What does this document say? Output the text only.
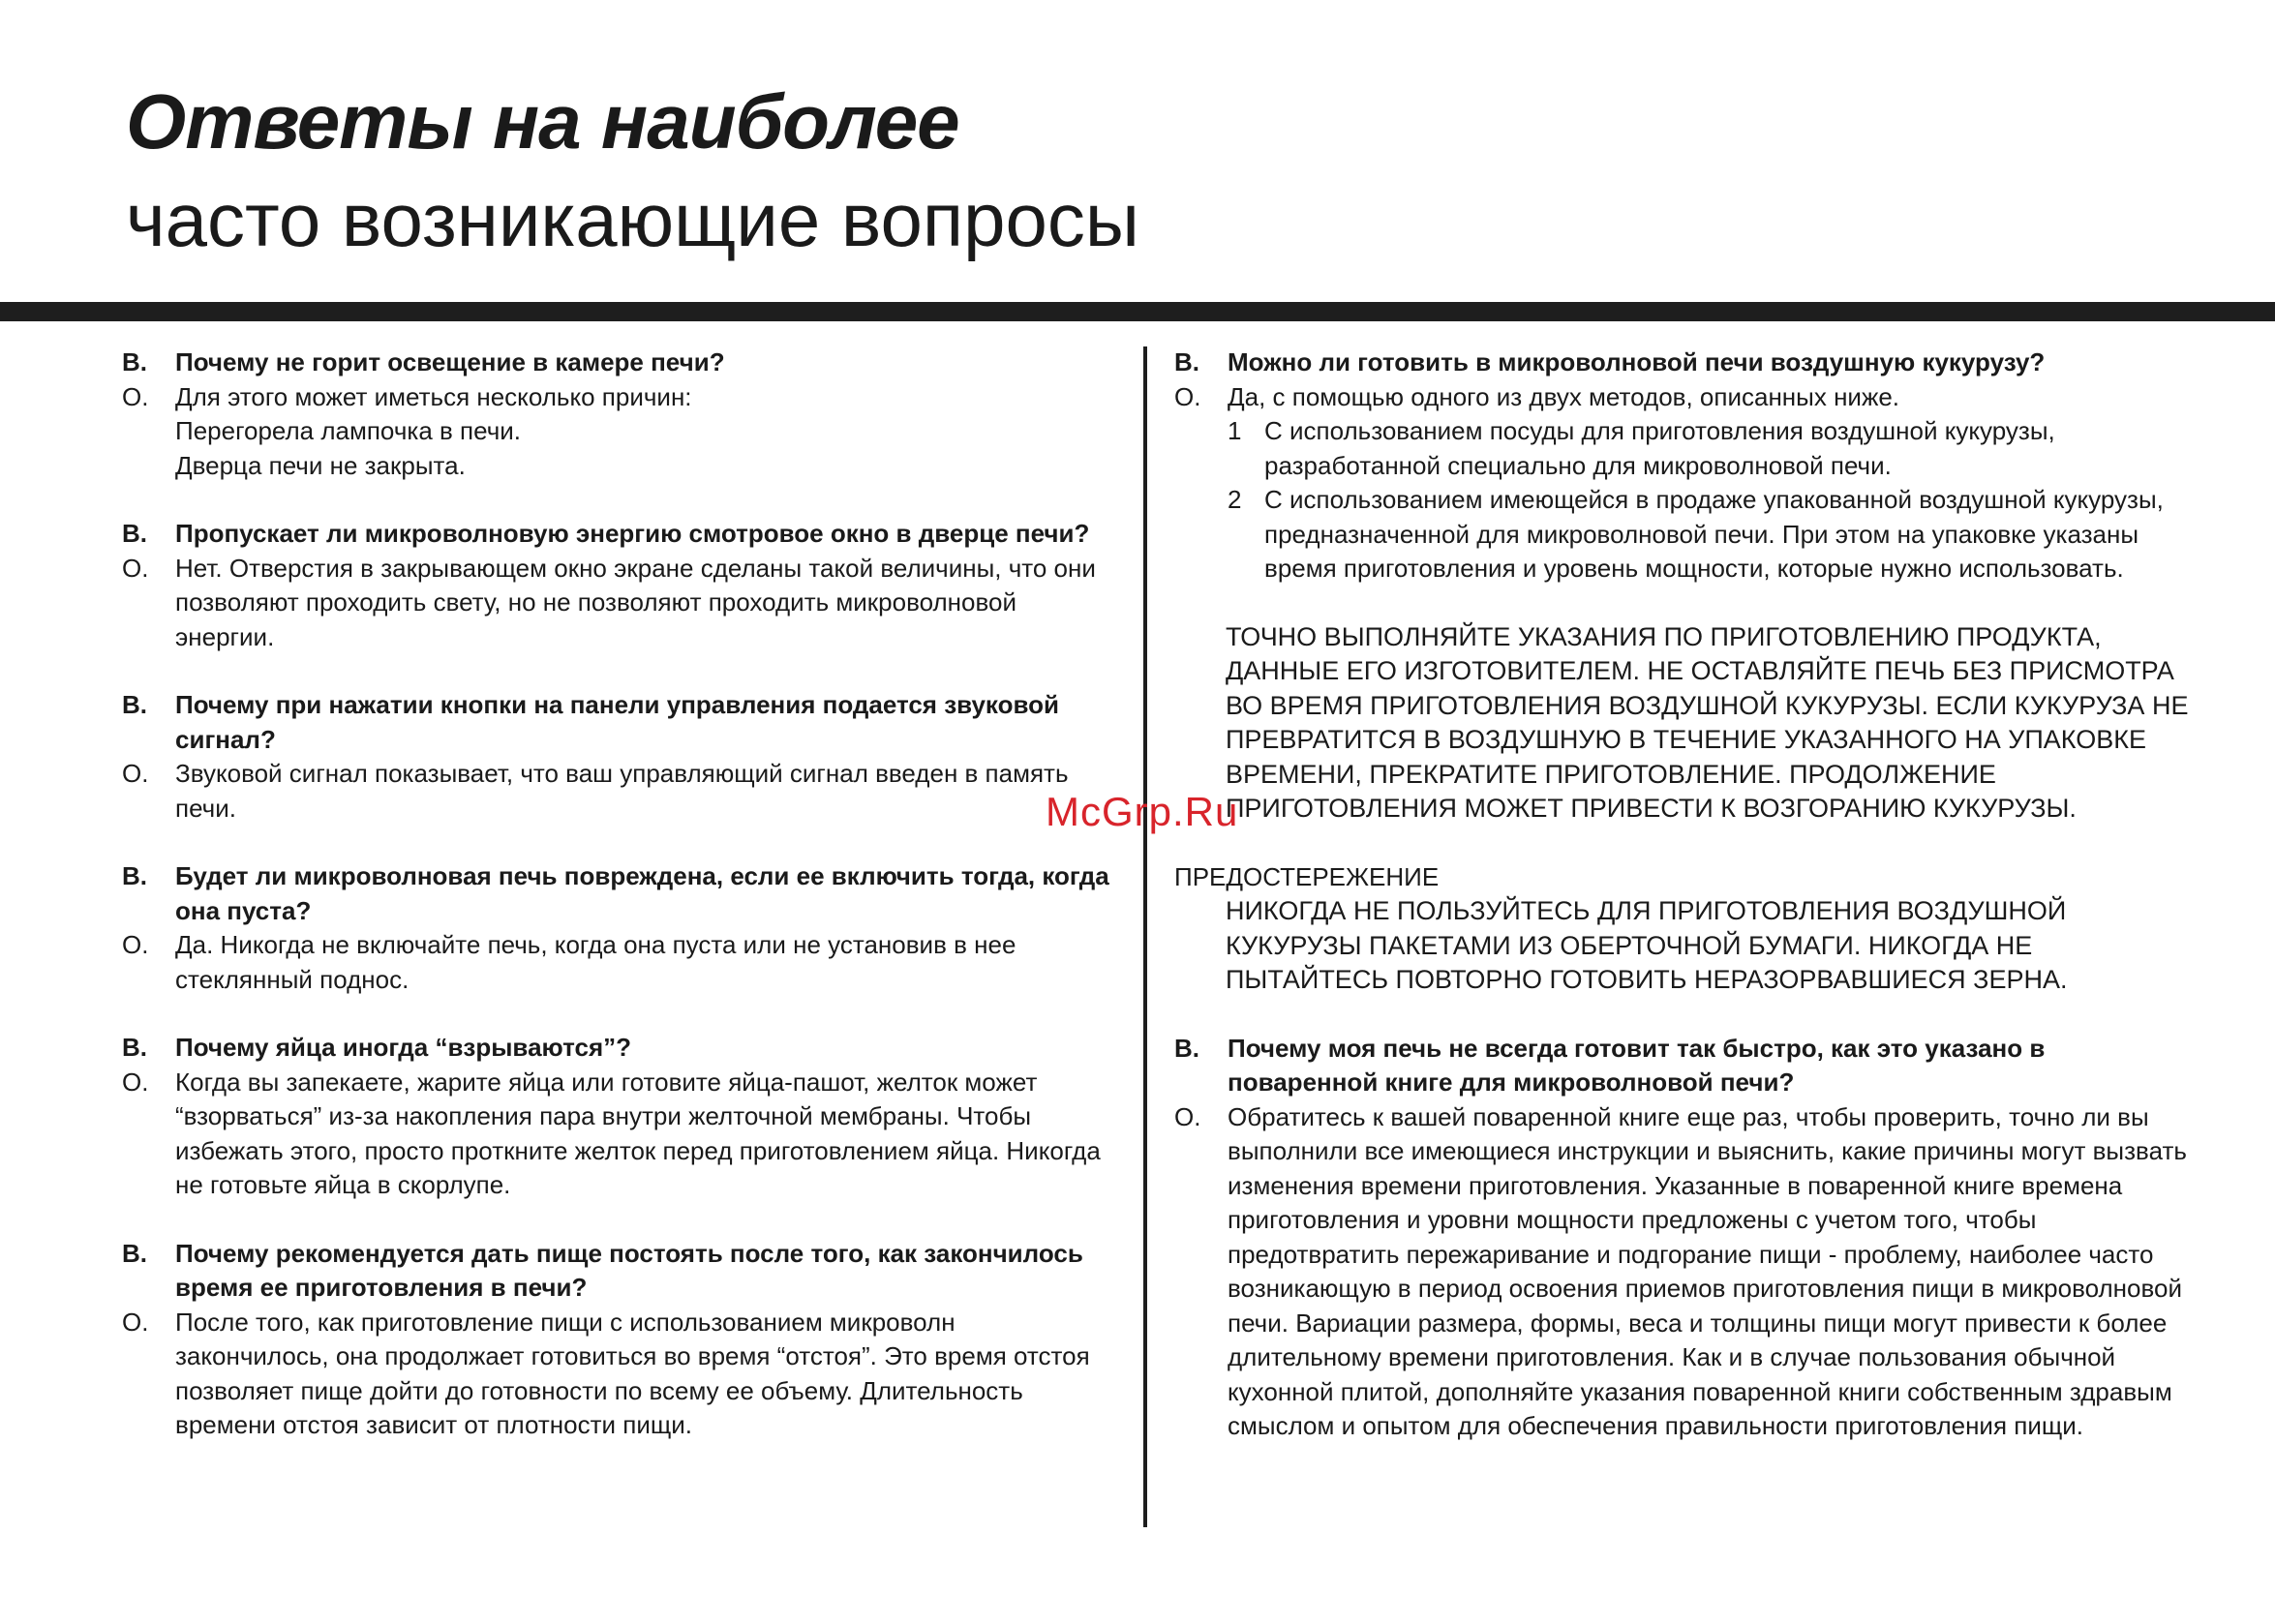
Ответы на наиболее
часто возникающие вопросы
В.	Почему не горит освещение в камере печи?
О.	Для этого может иметься несколько причин:
Перегорела лампочка в печи.
Дверца печи не закрыта.
В.	Пропускает ли микроволновую энергию смотровое окно в дверце печи?
О.	Нет. Отверстия в закрывающем окно экране сделаны такой величины, что они позволяют проходить свету, но не позволяют проходить микроволновой энергии.
В.	Почему при нажатии кнопки на панели управления подается звуковой сигнал?
О.	Звуковой сигнал показывает, что ваш управляющий сигнал введен в память печи.
В.	Будет ли микроволновая печь повреждена, если ее включить тогда, когда она пуста?
О.	Да. Никогда не включайте печь, когда она пуста или не установив в нее стеклянный поднос.
В.	Почему яйца иногда “взрываются”?
О.	Когда вы запекаете, жарите яйца или готовите яйца-пашот, желток может “взорваться” из-за накопления пара внутри желточной мембраны. Чтобы избежать этого, просто проткните желток перед приготовлением яйца. Никогда не готовьте яйца в скорлупе.
В.	Почему рекомендуется дать пище постоять после того, как закончилось время ее приготовления в печи?
О.	После того, как приготовление пищи с использованием микроволн закончилось, она продолжает готовиться во время “отстоя”. Это время отстоя позволяет пище дойти до готовности по всему ее объему. Длительность времени отстоя зависит от плотности пищи.
В.	Можно ли готовить в микроволновой печи воздушную кукурузу?
О.	Да, с помощью одного из двух методов, описанных ниже.
1 С использованием посуды для приготовления воздушной кукурузы, разработанной специально для микроволновой печи.
2 С использованием имеющейся в продаже упакованной воздушной кукурузы, предназначенной для микроволновой печи. При этом на упаковке указаны время приготовления и уровень мощности, которые нужно использовать.
ТОЧНО ВЫПОЛНЯЙТЕ УКАЗАНИЯ ПО ПРИГОТОВЛЕНИЮ ПРОДУКТА, ДАННЫЕ ЕГО ИЗГОТОВИТЕЛЕМ. НЕ ОСТАВЛЯЙТЕ ПЕЧЬ БЕЗ ПРИСМОТРА ВО ВРЕМЯ ПРИГОТОВЛЕНИЯ ВОЗДУШНОЙ КУКУРУЗЫ. ЕСЛИ КУКУРУЗА НЕ ПРЕВРАТИТСЯ В ВОЗДУШНУЮ В ТЕЧЕНИЕ УКАЗАННОГО НА УПАКОВКЕ ВРЕМЕНИ, ПРЕКРАТИТЕ ПРИГОТОВЛЕНИЕ. ПРОДОЛЖЕНИЕ ПРИГОТОВЛЕНИЯ МОЖЕТ ПРИВЕСТИ К ВОЗГОРАНИЮ КУКУРУЗЫ.
ПРЕДОСТЕРЕЖЕНИЕ
НИКОГДА НЕ ПОЛЬЗУЙТЕСЬ ДЛЯ ПРИГОТОВЛЕНИЯ ВОЗДУШНОЙ КУКУРУЗЫ ПАКЕТАМИ ИЗ ОБЕРТОЧНОЙ БУМАГИ. НИКОГДА НЕ ПЫТАЙТЕСЬ ПОВТОРНО ГОТОВИТЬ НЕРАЗОРВАВШИЕСЯ ЗЕРНА.
В.	Почему моя печь не всегда готовит так быстро, как это указано в поваренной книге для микроволновой печи?
О.	Обратитесь к вашей поваренной книге еще раз, чтобы проверить, точно ли вы выполнили все имеющиеся инструкции и выяснить, какие причины могут вызвать изменения времени приготовления. Указанные в поваренной книге времена приготовления и уровни мощности предложены с учетом того, чтобы предотвратить пережаривание и подгорание пищи - проблему, наиболее часто возникающую в период освоения приемов приготовления пищи в микроволновой печи. Вариации размера, формы, веса и толщины пищи могут привести к более длительному времени приготовления. Как и в случае пользования обычной кухонной плитой, дополняйте указания поваренной книги собственным здравым смыслом и опытом для обеспечения правильности приготовления пищи.
McGrp.Ru
